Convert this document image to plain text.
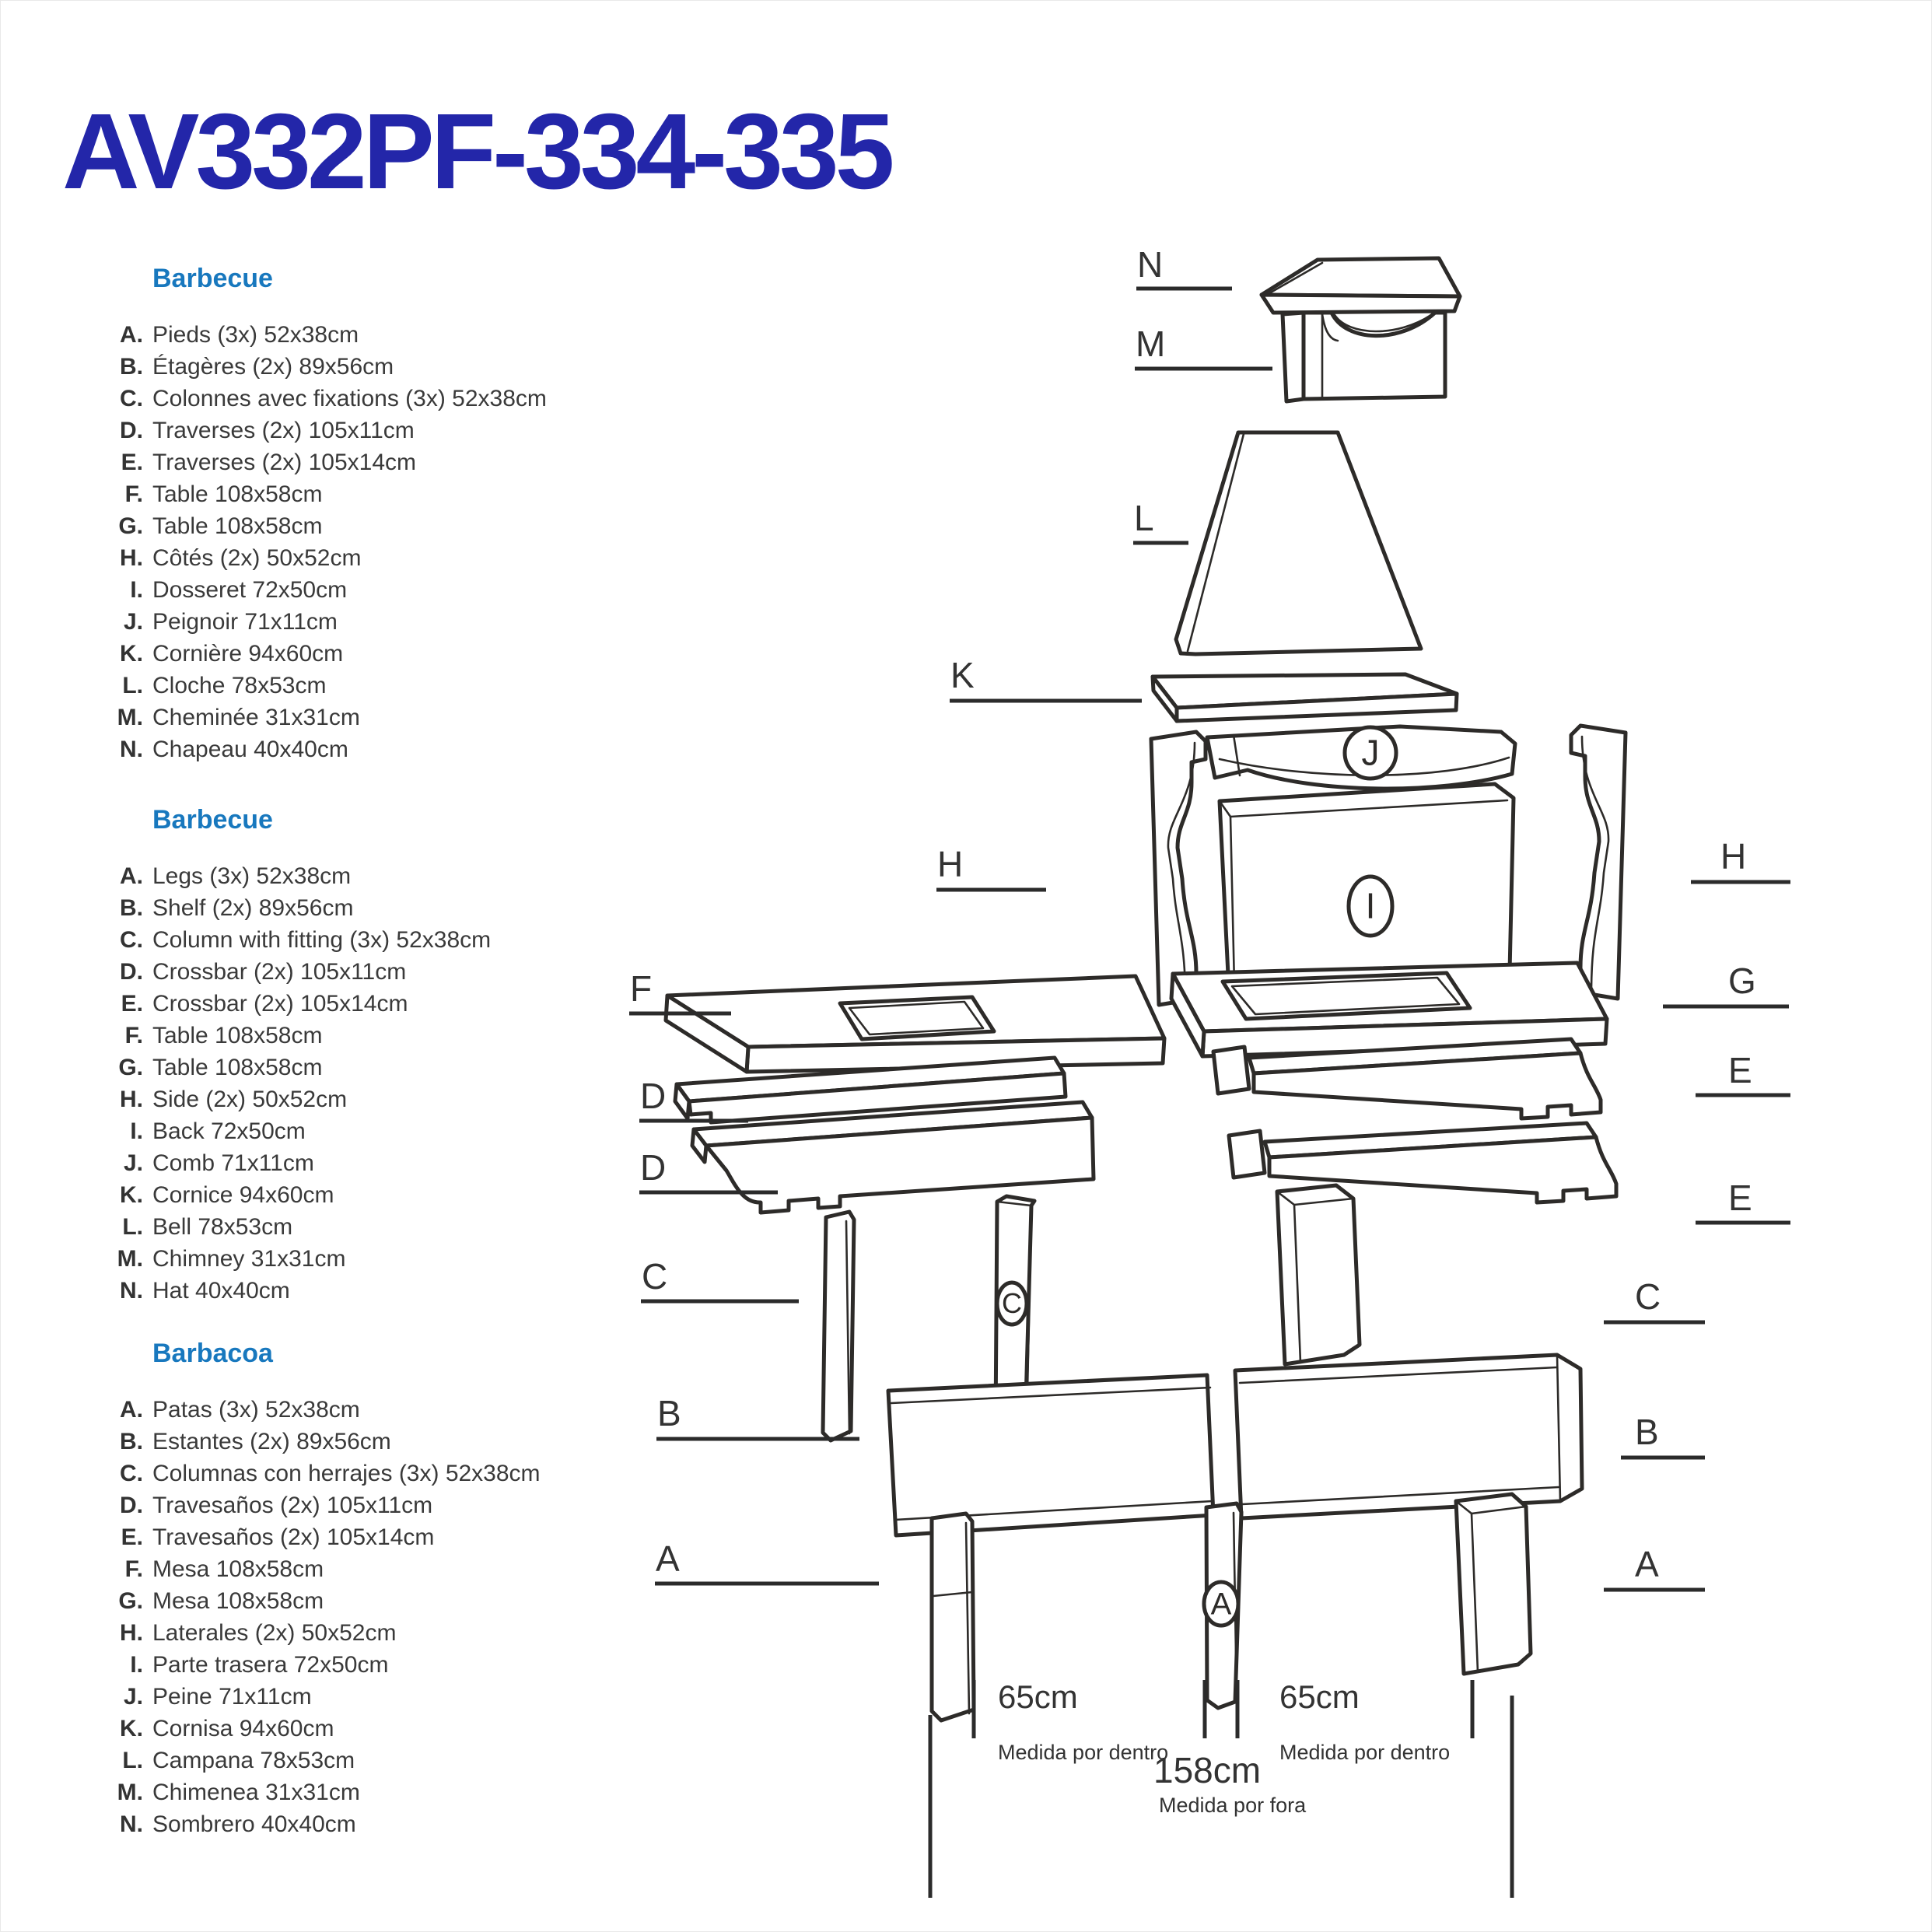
AV332PF-334-335
Barbecue
A. Pieds (3x) 52x38cm
B. Étagères (2x) 89x56cm
C. Colonnes avec fixations (3x) 52x38cm
D. Traverses (2x) 105x11cm
E. Traverses (2x) 105x14cm
F. Table 108x58cm
G. Table 108x58cm
H. Côtés (2x) 50x52cm
I. Dosseret 72x50cm
J. Peignoir 71x11cm
K. Cornière 94x60cm
L. Cloche 78x53cm
M. Cheminée 31x31cm
N. Chapeau 40x40cm
Barbecue
A. Legs (3x) 52x38cm
B. Shelf (2x) 89x56cm
C. Column with fitting (3x) 52x38cm
D. Crossbar (2x) 105x11cm
E. Crossbar (2x) 105x14cm
F. Table 108x58cm
G. Table 108x58cm
H. Side (2x) 50x52cm
I. Back 72x50cm
J. Comb 71x11cm
K. Cornice 94x60cm
L. Bell 78x53cm
M. Chimney 31x31cm
N. Hat 40x40cm
Barbacoa
A. Patas (3x) 52x38cm
B. Estantes (2x) 89x56cm
C. Columnas con herrajes (3x) 52x38cm
D. Travesaños (2x) 105x11cm
E. Travesaños (2x) 105x14cm
F. Mesa 108x58cm
G. Mesa 108x58cm
H. Laterales (2x) 50x52cm
I. Parte trasera 72x50cm
J. Peine 71x11cm
K. Cornisa 94x60cm
L. Campana 78x53cm
M. Chimenea 31x31cm
N. Sombrero 40x40cm
65cm
Medida por dentro
65cm
Medida por dentro
158cm
Medida por fora
N
M
L
K
H	H
F	G
D
D
E
E
C	C
B	B
A	A
J
I
C
A
